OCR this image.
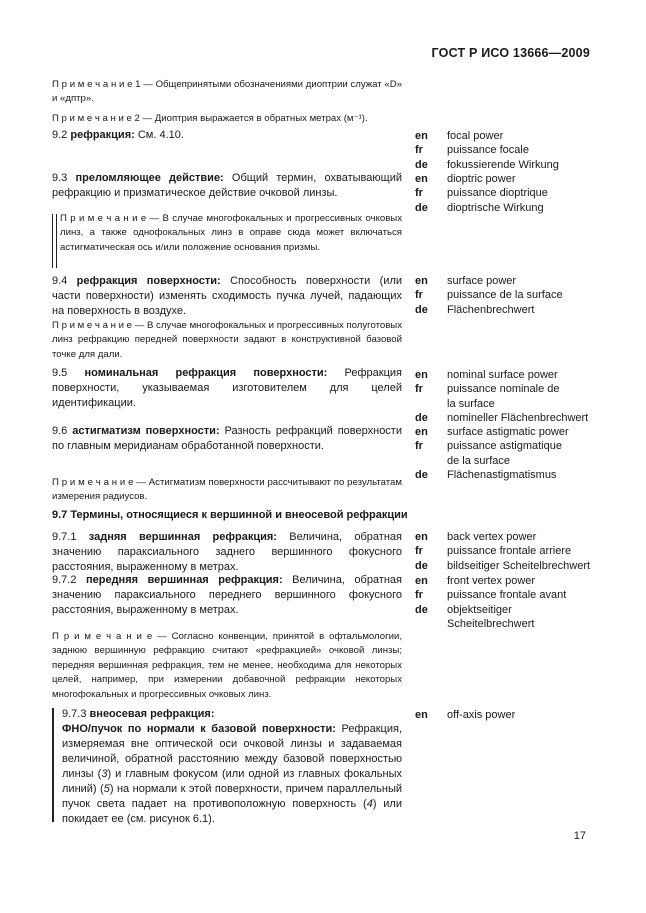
ГОСТ Р ИСО 13666—2009
П р и м е ч а н и е 1 — Общепринятыми обозначениями диоптрии служат «D» и «дптр».
П р и м е ч а н и е 2 — Диоптрия выражается в обратных метрах (м⁻¹).
9.2 рефракция: См. 4.10.	en focal power
fr puissance focale
de fokussierende Wirkung
9.3 преломляющее действие: Общий термин, охватывающий рефракцию и призматическое действие очковой линзы.
en dioptric power
fr puissance dioptrique
de dioptrische Wirkung
П р и м е ч а н и е — В случае многофокальных и прогрессивных очковых линз, а также однофокальных линз в оправе сюда может включаться астигматическая ось и/или положение основания призмы.
9.4 рефракция поверхности: Способность поверхности (или части поверхности) изменять сходимость пучка лучей, падающих на поверхность в воздухе.
en surface power
fr puissance de la surface
de Flächenbrechwert
П р и м е ч а н и е — В случае многофокальных и прогрессивных полуготовых линз рефракцию передней поверхности задают в конструктивной базовой точке для дали.
9.5 номинальная рефракция поверхности: Рефракция поверхности, указываемая изготовителем для целей идентификации.
en nominal surface power
fr puissance nominale de la surface
de nomineller Flächenbrechwert
9.6 астигматизм поверхности: Разность рефракций поверхности по главным меридианам обработанной поверхности.
en surface astigmatic power
fr puissance astigmatique de la surface
de Flächenastigmatismus
П р и м е ч а н и е — Астигматизм поверхности рассчитывают по результатам измерения радиусов.
9.7 Термины, относящиеся к вершинной и внеосевой рефракции
9.7.1 задняя вершинная рефракция: Величина, обратная значению параксиального заднего вершинного фокусного расстояния, выраженному в метрах.
en back vertex power
fr puissance frontale arriere
de bildseitiger Scheitelbrechwert
9.7.2 передняя вершинная рефракция: Величина, обратная значению параксиального переднего вершинного фокусного расстояния, выраженному в метрах.
en front vertex power
fr puissance frontale avant
de objektseitiger Scheitelbrechwert
П р и м е ч а н и е — Согласно конвенции, принятой в офтальмологии, заднюю вершинную рефракцию считают «рефракцией» очковой линзы; передняя вершинная рефракция, тем не менее, необходима для некоторых целей, например, при измерении добавочной рефракции некоторых многофокальных и прогрессивных очковых линз.
9.7.3 внеосевая рефракция:
ФНО/пучок по нормали к базовой поверхности: Рефракция, измеряемая вне оптической оси очковой линзы и задаваемая величиной, обратной расстоянию между базовой поверхностью линзы (3) и главным фокусом (или одной из главных фокальных линий) (5) на нормали к этой поверхности, причем параллельный пучок света падает на противоположную поверхность (4) или покидает ее (см. рисунок 6.1).
en off-axis power
17
